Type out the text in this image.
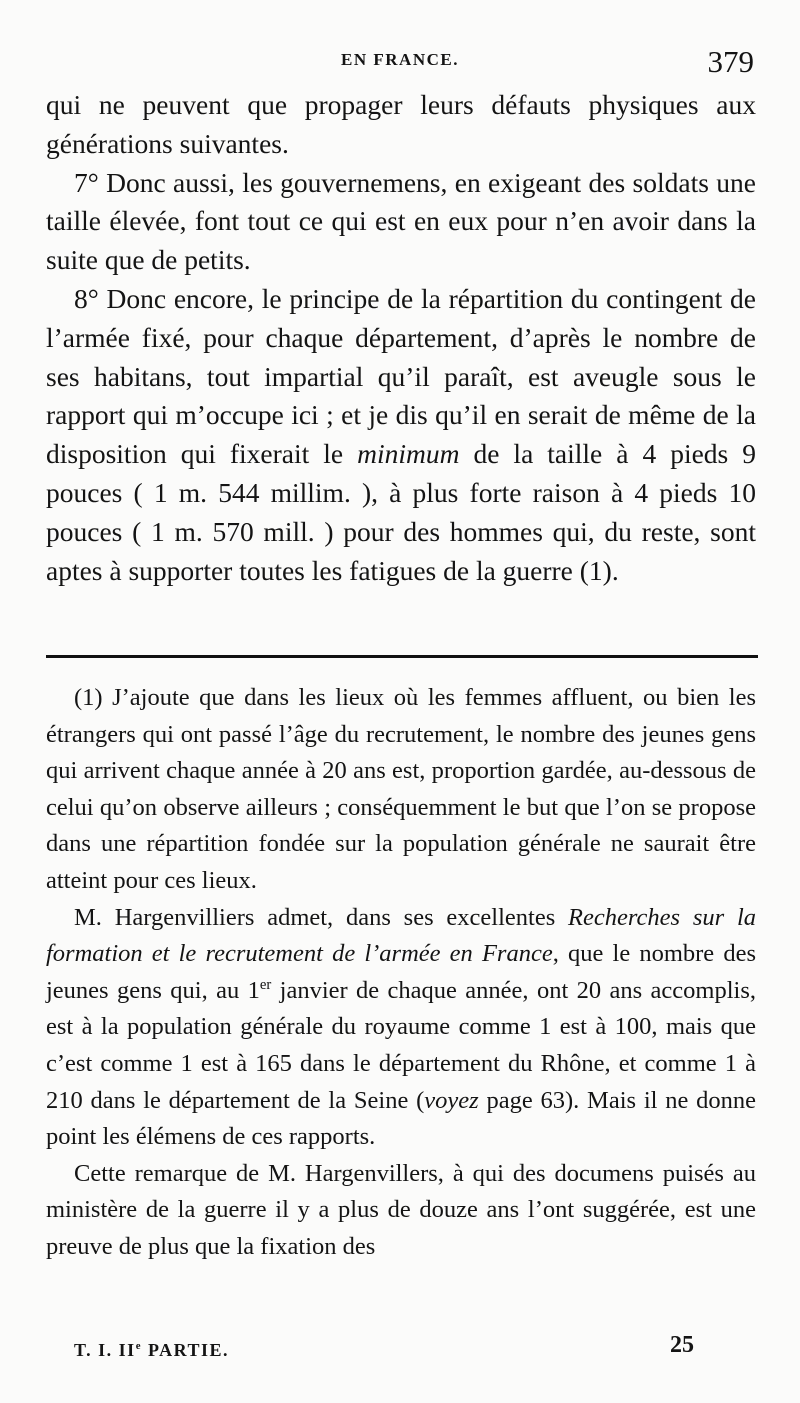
EN FRANCE.	379

qui ne peuvent que propager leurs défauts physiques aux générations suivantes.

7° Donc aussi, les gouvernemens, en exigeant des soldats une taille élevée, font tout ce qui est en eux pour n’en avoir dans la suite que de petits.

8° Donc encore, le principe de la répartition du contingent de l’armée fixé, pour chaque département, d’après le nombre de ses habitans, tout impartial qu’il paraît, est aveugle sous le rapport qui m’occupe ici ; et je dis qu’il en serait de même de la disposition qui fixerait le minimum de la taille à 4 pieds 9 pouces ( 1 m. 544 millim. ), à plus forte raison à 4 pieds 10 pouces ( 1 m. 570 mill. ) pour des hommes qui, du reste, sont aptes à supporter toutes les fatigues de la guerre (1).

(1) J’ajoute que dans les lieux où les femmes affluent, ou bien les étrangers qui ont passé l’âge du recrutement, le nombre des jeunes gens qui arrivent chaque année à 20 ans est, proportion gardée, au-dessous de celui qu’on observe ailleurs ; conséquemment le but que l’on se propose dans une répartition fondée sur la population générale ne saurait être atteint pour ces lieux.

M. Hargenvilliers admet, dans ses excellentes Recherches sur la formation et le recrutement de l’armée en France, que le nombre des jeunes gens qui, au 1er janvier de chaque année, ont 20 ans accomplis, est à la population générale du royaume comme 1 est à 100, mais que c’est comme 1 est à 165 dans le département du Rhône, et comme 1 à 210 dans le département de la Seine (voyez page 63). Mais il ne donne point les élémens de ces rapports.

Cette remarque de M. Hargenvillers, à qui des documens puisés au ministère de la guerre il y a plus de douze ans l’ont suggérée, est une preuve de plus que la fixation des

T. I. IIe PARTIE.	25
